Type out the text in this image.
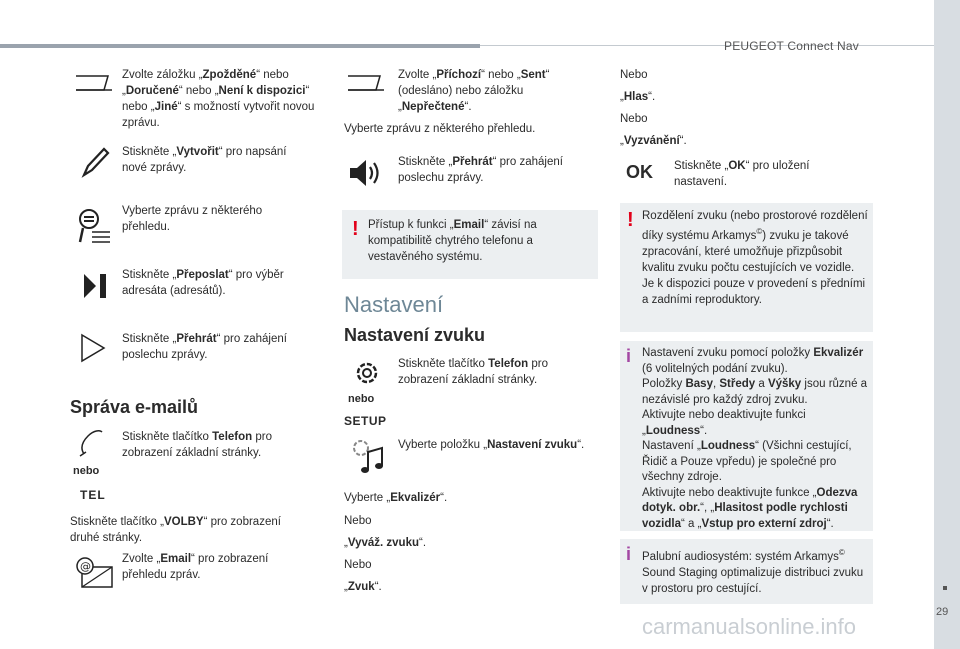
PEUGEOT Connect Nav
29
carmanualsonline.info
Zvolte záložku „Zpožděné“ nebo „Doručené“ nebo „Není k dispozici“ nebo „Jiné“ s možností vytvořit novou zprávu.
Stiskněte „Vytvořit“ pro napsání nové zprávy.
Vyberte zprávu z některého přehledu.
Stiskněte „Přeposlat“ pro výběr adresáta (adresátů).
Stiskněte „Přehrát“ pro zahájení poslechu zprávy.
Správa e-mailů
Stiskněte tlačítko Telefon pro zobrazení základní stránky.
nebo
TEL
Stiskněte tlačítko „VOLBY“ pro zobrazení druhé stránky.
@
Zvolte „Email“ pro zobrazení přehledu zpráv.
Zvolte „Příchozí“ nebo „Sent“ (odesláno) nebo záložku „Nepřečtené“.
Vyberte zprávu z některého přehledu.
Stiskněte „Přehrát“ pro zahájení poslechu zprávy.
! Přístup k funkci „Email“ závisí na kompatibilitě chytrého telefonu a vestavěného systému.
Nastavení
Nastavení zvuku
Stiskněte tlačítko Telefon pro zobrazení základní stránky.
nebo
SETUP
Vyberte položku „Nastavení zvuku“.
Vyberte „Ekvalizér“.
Nebo
„Vyváž. zvuku“.
Nebo
„Zvuk“.
Nebo
„Hlas“.
Nebo
„Vyzvánění“.
OK Stiskněte „OK“ pro uložení nastavení.
! Rozdělení zvuku (nebo prostorové rozdělení díky systému Arkamys©) zvuku je takové zpracování, které umožňuje přizpůsobit kvalitu zvuku počtu cestujících ve vozidle.
Je k dispozici pouze v provedení s předními a zadními reproduktory.
i Nastavení zvuku pomocí položky Ekvalizér (6 volitelných podání zvuku).
Položky Basy, Středy a Výšky jsou různé a nezávislé pro každý zdroj zvuku.
Aktivujte nebo deaktivujte funkci „Loudness“.
Nastavení „Loudness“ (Všichni cestující, Řidič a Pouze vpředu) je společné pro všechny zdroje.
Aktivujte nebo deaktivujte funkce „Odezva dotyk. obr.“, „Hlasitost podle rychlosti vozidla“ a „Vstup pro externí zdroj“.
i Palubní audiosystém: systém Arkamys© Sound Staging optimalizuje distribuci zvuku v prostoru pro cestující.
